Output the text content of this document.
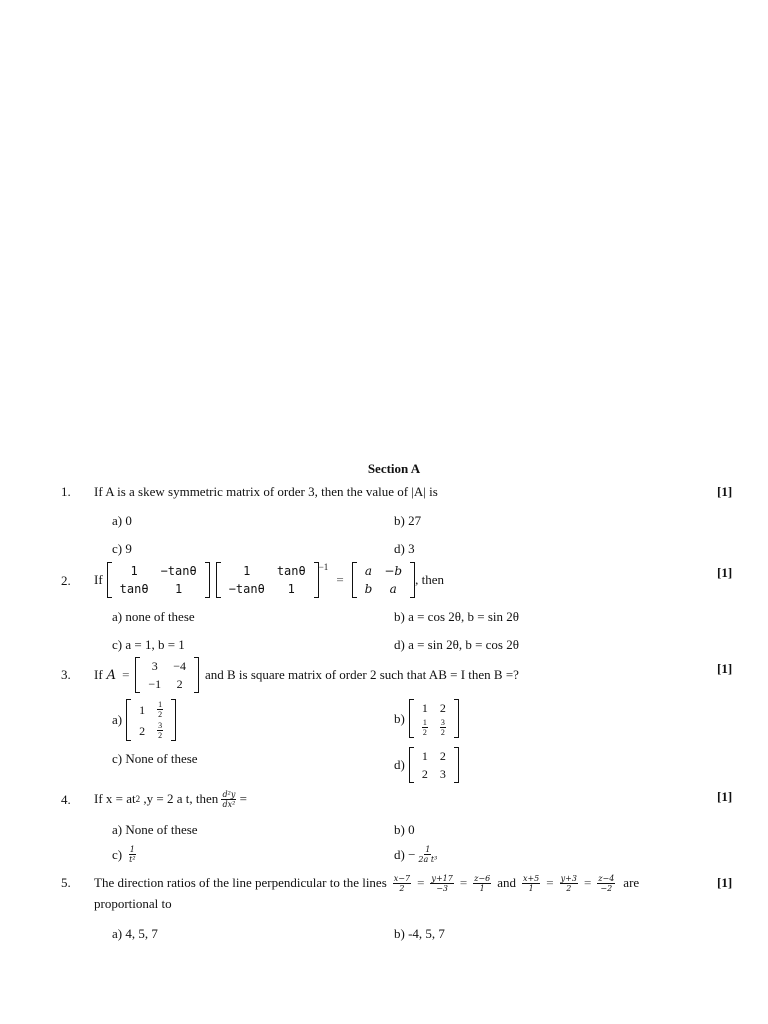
Section A
1. If A is a skew symmetric matrix of order 3, then the value of |A| is	[1]
a) 0	b) 27
c) 9	d) 3
2. If
1	−tanθ
tanθ	1
1	tanθ
−tanθ	1
−1
=
a	−b
b	a
, then	[1]
a) none of these	b) a = cos 2θ, b = sin 2θ
c) a = 1, b = 1	d) a = sin 2θ, b = cos 2θ
3. If A =
3	−4
−1	2
and B is square matrix of order 2 such that AB = I then B =?	[1]
a)
1	$\frac{1}{2}$

2	$\frac{3}{2}$
b)
1	2

$\frac{1}{2}$	$\frac{3}{2}$
c) None of these	d)
1	2
2	3
4. If x = at 2 ,y = 2 a t, then $\frac{\text{d²y}}{\text{dx²}}$ =	[1]
a) None of these	b) 0
$c) \frac{1}{\text{t²}}$	$d) - \frac{1}{\text{2a t³}}$
5. The direction ratios of the line perpendicular to the lines $\frac{x-7}{2} = \frac{y+17}{-3} = \frac{z-6}{1}$ and $\frac{x+5}{1} = \frac{y+3}{2} = \frac{z-4}{-2}$ are	[1]
proportional to
a) 4, 5, 7	b) -4, 5, 7
